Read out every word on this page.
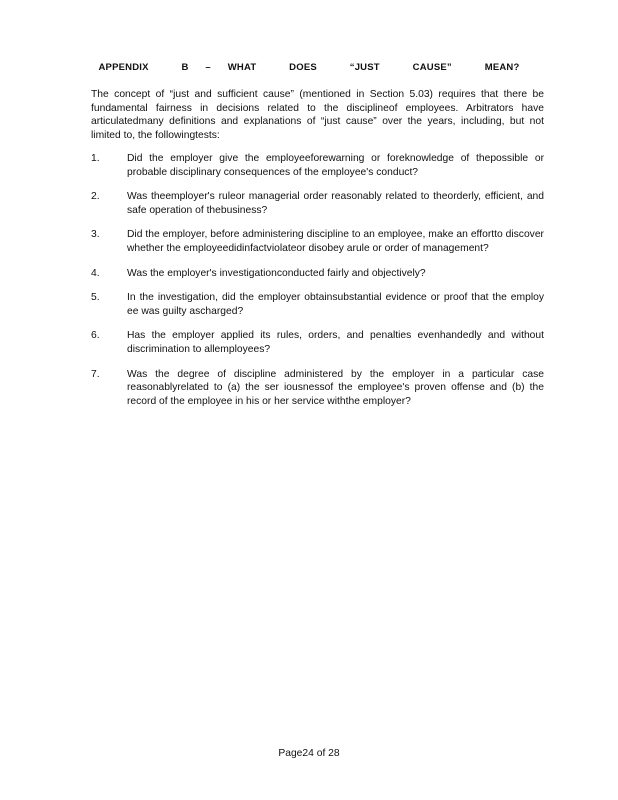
APPENDIX	B – WHAT	DOES	“JUST	CAUSE”	MEAN?

The concept of “just and sufficient cause” (mentioned in Section 5.03) requires that there be fundamental fairness in decisions related to the disciplineof employees. Arbitrators have articulatedmany definitions and explanations of “just cause” over the years, including, but not limited to, the followingtests:

1.	Did the employer give the employeeforewarning or foreknowledge of thepossible or probable disciplinary consequences of the employee's conduct?
2.	Was theemployer's ruleor managerial order reasonably related to theorderly, efficient, and safe operation of thebusiness?
3.	Did the employer, before administering discipline to an employee, make an effortto discover whether the employeedidinfactviolateor disobey arule or order of management?
4.	Was the employer's investigationconducted fairly and objectively?
5.	In the investigation, did the employer obtainsubstantial evidence or proof that the employ ee was guilty ascharged?
6.	Has the employer applied its rules, orders, and penalties evenhandedly and without discrimination to allemployees?
7.	Was the degree of discipline administered by the employer in a particular case reasonablyrelated to (a) the ser iousnessof the employee's proven offense and (b) the record of the employee in his or her service withthe employer?
Page24 of 28
